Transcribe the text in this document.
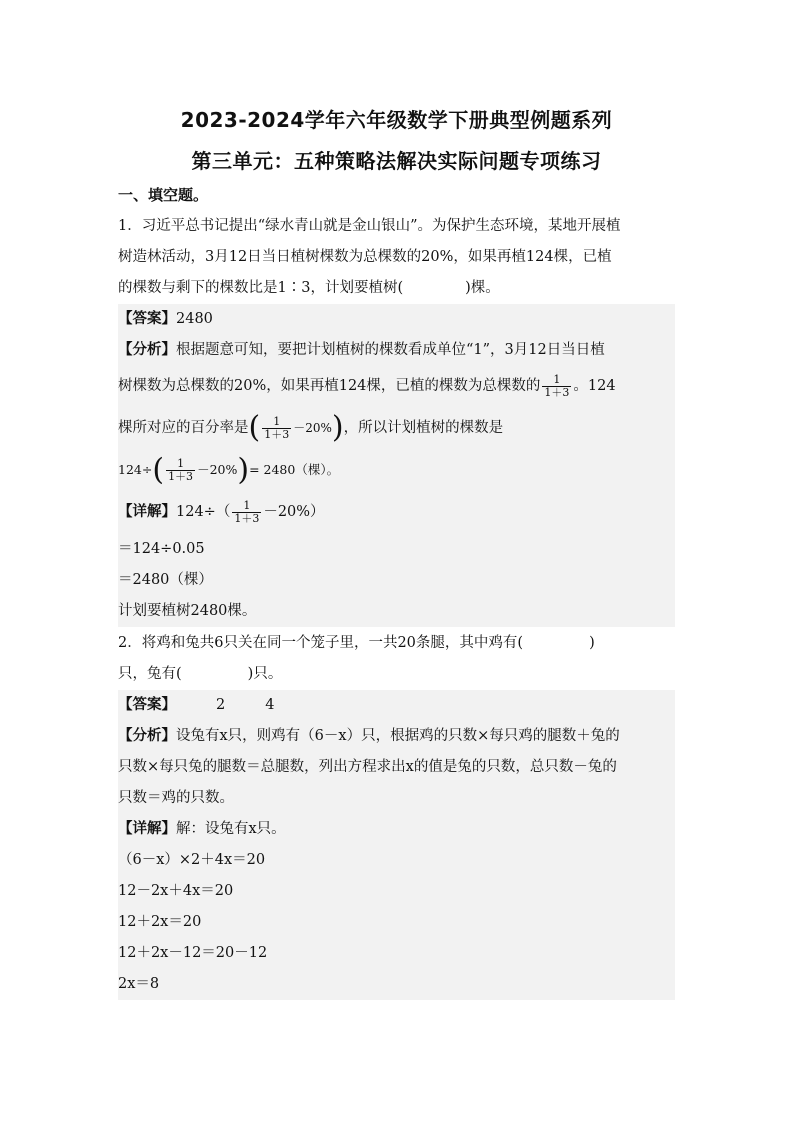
2023-2024学年六年级数学下册典型例题系列
第三单元：五种策略法解决实际问题专项练习
一、填空题。
1．习近平总书记提出“绿水青山就是金山银山”。为保护生态环境，某地开展植
树造林活动，3月12日当日植树棵数为总棵数的20%，如果再植124棵，已植
的棵数与剩下的棵数比是1∶3，计划要植树(	)棵。
【答案】2480
【分析】根据题意可知，要把计划植树的棵数看成单位“1”，3月12日当日植
树棵数为总棵数的20%，如果再植124棵，已植的棵数为总棵数的 $\frac{1}{1+3}$ 。124
棵所对应的百分率是( $\frac{1}{1+3} -20\%$)，所以计划植树的棵数是
$124\div( \frac{1}{1+3} -20\%)= 2480$（棵）。
【详解】$124\div( \frac{1}{1+3} -20\%)$
＝124÷0.05
＝2480（棵）
计划要植树2480棵。
2．将鸡和兔共6只关在同一个笼子里，一共20条腿，其中鸡有(	)
只，兔有(	)只。
【答案】	2	4
【分析】设兔有x只，则鸡有（6－x）只，根据鸡的只数×每只鸡的腿数＋兔的
只数×每只兔的腿数＝总腿数，列出方程求出x的值是兔的只数，总只数－兔的
只数＝鸡的只数。
【详解】解：设兔有x只。
（6－x）×2＋4x＝20
12－2x＋4x＝20
12＋2x＝20
12＋2x－12＝20－12
2x＝8
